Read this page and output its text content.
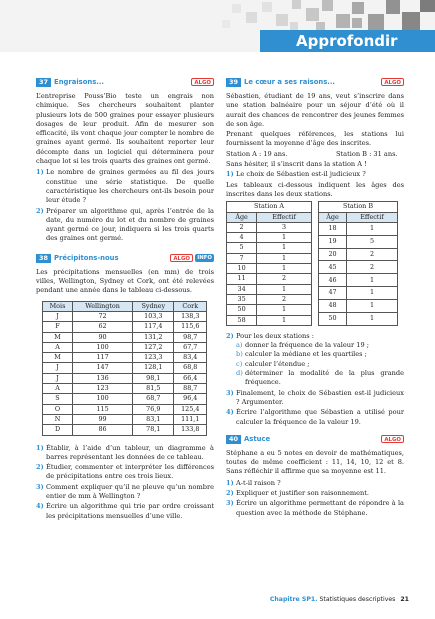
Approfondir
37 Engraisons...	ALGO

L’entreprise Pouss’Bio teste un engrais non chimique. Ses chercheurs souhaitent planter plusieurs lots de 500 graines pour essayer plusieurs dosages de leur produit. Afin de mesurer son efficacité, ils vont chaque jour compter le nombre de graines ayant germé. Ils souhaitent reporter leur décompte dans un logiciel qui déterminera pour chaque lot si les trois quarts des graines ont germé.

1) Le nombre de graines germées au fil des jours constitue une série statistique. De quelle caractéristique les chercheurs ont-ils besoin pour leur étude ?
2) Préparer un algorithme qui, après l’entrée de la date, du numéro du lot et du nombre de graines ayant germé ce jour, indiquera si les trois quarts des graines ont germé.
38 Précipitons-nous	ALGO	INFO

Les précipitations mensuelles (en mm) de trois villes, Wellington, Sydney et Cork, ont été relevées pendant une année dans le tableau ci-dessous.

Mois	Wellington	Sydney	Cork
J	72	103,3	138,3
F	62	117,4	115,6
M	90	131,2	98,7
A	100	127,2	67,7
M	117	123,3	83,4
J	147	128,1	68,8
J	136	98,1	66,4
A	123	81,5	88,7
S	100	68,7	96,4
O	115	76,9	125,4
N	99	83,1	111,1
D	86	78,1	133,8
1) Établir, à l’aide d’un tableur, un diagramme à barres représentant les données de ce tableau.
2) Étudier, commenter et interpréter les différences de précipitations entre ces trois lieux.
3) Comment expliquer qu’il ne pleuve qu’un nombre entier de mm à Wellington ?
4) Écrire un algorithme qui trie par ordre croissant les précipitations mensuelles d’une ville.
39 Le cœur a ses raisons...	ALGO

Sébastien, étudiant de 19 ans, veut s’inscrire dans une station balnéaire pour un séjour d’été où il aurait des chances de rencontrer des jeunes femmes de son âge.

Prenant quelques références, les stations lui fournissent la moyenne d’âge des inscrites.

Station A : 19 ans.	Station B : 31 ans.

Sans hésiter, il s’inscrit dans la station A !

1) Le choix de Sébastien est-il judicieux ?

Les tableaux ci-dessous indiquent les âges des inscrites dans les deux stations.

Station A	
Âge	Effectif
2	3
4	1
5	1
7	1
10	1
11	2
34	1
35	2
50	1
58	1
Station B	
Âge	Effectif
18	1
19	5
20	2
45	2
46	1
47	1
48	1
50	1
2) Pour les deux stations :
a) donner la fréquence de la valeur 19 ;
b) calculer la médiane et les quartiles ;
c) calculer l’étendue ;
d) déterminer la modalité de la plus grande fréquence.
3) Finalement, le choix de Sébastien est-il judicieux ? Argumenter.
4) Écrire l’algorithme que Sébastien a utilisé pour calculer la fréquence de la valeur 19.
40 Astuce	ALGO

Stéphane a eu 5 notes en devoir de mathématiques, toutes de même coefficient : 11, 14, 10, 12 et 8. Sans réfléchir il affirme que sa moyenne est 11.

1) A-t-il raison ?
2) Expliquer et justifier son raisonnement.
3) Écrire un algorithme permettant de répondre à la question avec la méthode de Stéphane.
Chapitre SP1. Statistiques descriptives 21
